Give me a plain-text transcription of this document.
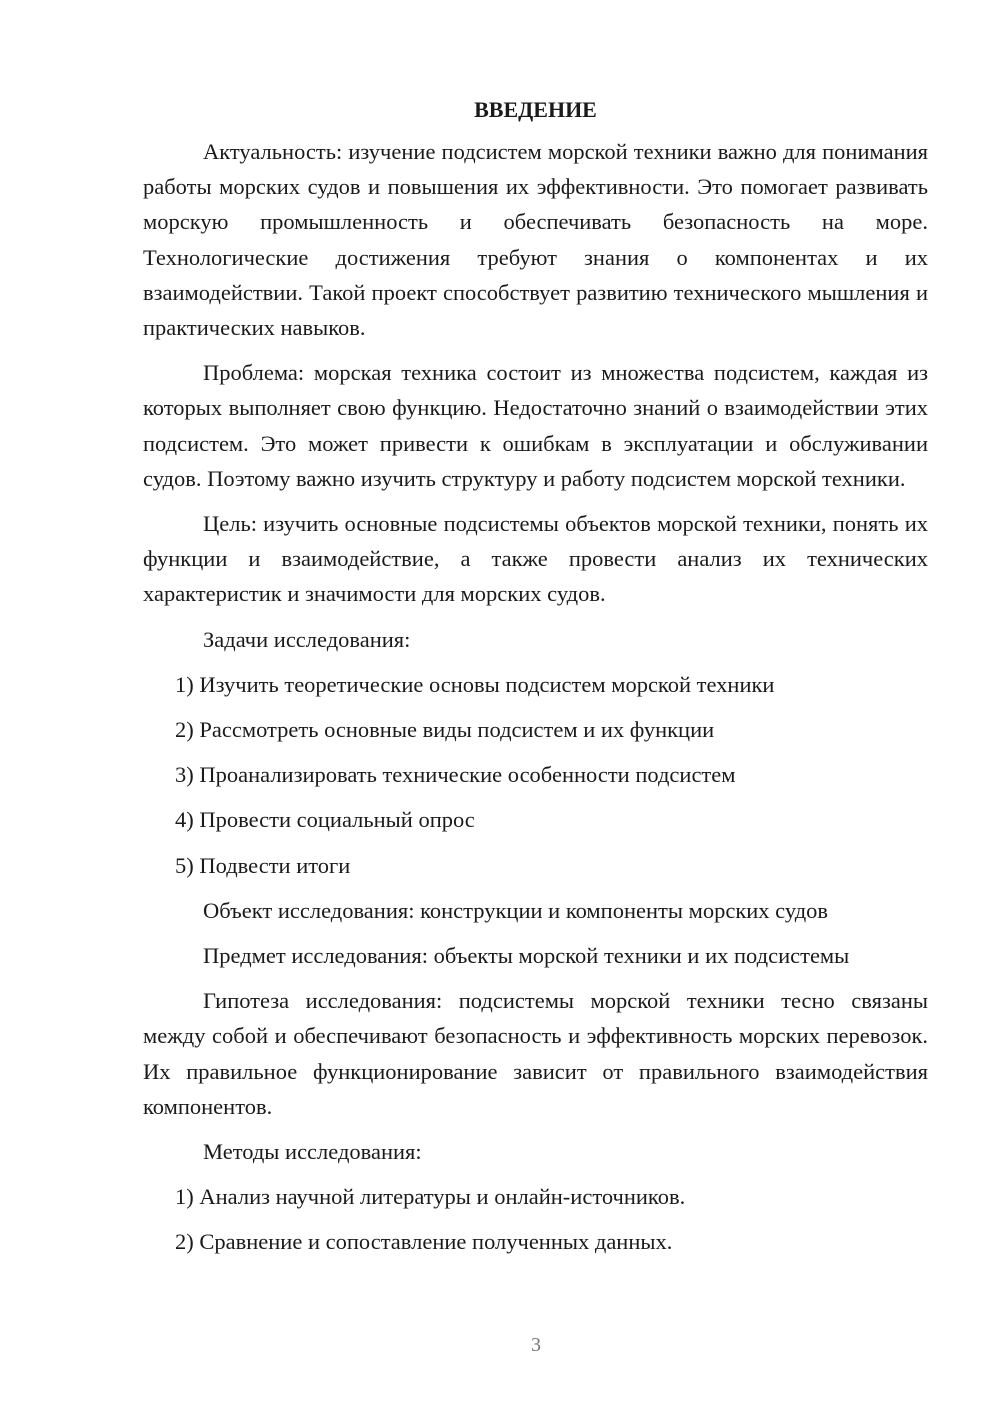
ВВЕДЕНИЕ

Актуальность: изучение подсистем морской техники важно для понимания работы морских судов и повышения их эффективности. Это помогает развивать морскую промышленность и обеспечивать безопасность на море. Технологические достижения требуют знания о компонентах и их взаимодействии. Такой проект способствует развитию технического мышления и практических навыков.

Проблема: морская техника состоит из множества подсистем, каждая из которых выполняет свою функцию. Недостаточно знаний о взаимодействии этих подсистем. Это может привести к ошибкам в эксплуатации и обслуживании судов. Поэтому важно изучить структуру и работу подсистем морской техники.

Цель: изучить основные подсистемы объектов морской техники, понять их функции и взаимодействие, а также провести анализ их технических характеристик и значимости для морских судов.

Задачи исследования:
1) Изучить теоретические основы подсистем морской техники
2) Рассмотреть основные виды подсистем и их функции
3) Проанализировать технические особенности подсистем
4) Провести социальный опрос
5) Подвести итоги
Объект исследования: конструкции и компоненты морских судов
Предмет исследования: объекты морской техники и их подсистемы

Гипотеза исследования: подсистемы морской техники тесно связаны между собой и обеспечивают безопасность и эффективность морских перевозок. Их правильное функционирование зависит от правильного взаимодействия компонентов.

Методы исследования:
1) Анализ научной литературы и онлайн-источников.
2) Сравнение и сопоставление полученных данных.
3
